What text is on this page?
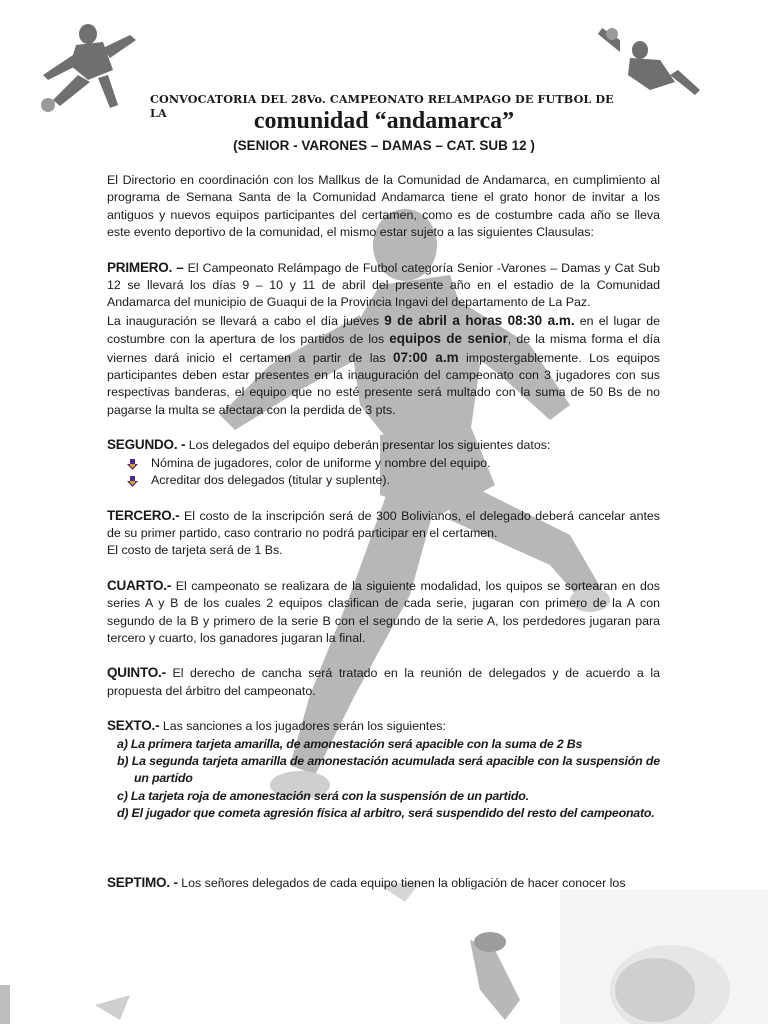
CONVOCATORIA DEL 28Vo. CAMPEONATO RELAMPAGO DE FUTBOL DE LA	comunidad “andamarca”
(SENIOR - VARONES – DAMAS – CAT. SUB 12 )

El Directorio en coordinación con los Mallkus de la Comunidad de Andamarca, en cumplimiento al programa de Semana Santa de la Comunidad Andamarca tiene el grato honor de invitar a los antiguos y nuevos equipos participantes del certamen, como es de costumbre cada año se lleva este evento deportivo de la comunidad, el mismo estar sujeto a las siguientes Clausulas:

PRIMERO. – El Campeonato Relámpago de Futbol categoría Senior -Varones – Damas y Cat Sub 12 se llevará los días 9 – 10 y 11 de abril del presente año en el estadio de la Comunidad Andamarca del municipio de Guaqui de la Provincia Ingavi del departamento de La Paz.

La inauguración se llevará a cabo el día jueves 9 de abril a horas 08:30 a.m. en el lugar de costumbre con la apertura de los partidos de los equipos de senior, de la misma forma el día viernes dará inicio el certamen a partir de las 07:00 a.m impostergablemente. Los equipos participantes deben estar presentes en la inauguración del campeonato con 3 jugadores con sus respectivas banderas, el equipo que no esté presente será multado con la suma de 50 Bs de no pagarse la multa se afectara con la perdida de 3 pts.

SEGUNDO. - Los delegados del equipo deberán presentar los siguientes datos:

Nómina de jugadores, color de uniforme y nombre del equipo.
Acreditar dos delegados (titular y suplente).

TERCERO.- El costo de la inscripción será de 300 Bolivianos, el delegado deberá cancelar antes de su primer partido, caso contrario no podrá participar en el certamen.

El costo de tarjeta será de 1 Bs.

CUARTO.- El campeonato se realizara de la siguiente modalidad, los quipos se sortearan en dos series A y B de los cuales 2 equipos clasifican de cada serie, jugaran con primero de la A con segundo de la B y primero de la serie B con el segundo de la serie A, los perdedores jugaran para tercero y cuarto, los ganadores jugaran la final.

QUINTO.- El derecho de cancha será tratado en la reunión de delegados y de acuerdo a la propuesta del árbitro del campeonato.

SEXTO.- Las sanciones a los jugadores serán los siguientes:

a) La primera tarjeta amarilla, de amonestación será apacible con la suma de 2 Bs
b) La segunda tarjeta amarilla de amonestación acumulada será apacible con la suspensión de un partido
c) La tarjeta roja de amonestación será con la suspensión de un partido.
d) El jugador que cometa agresión física al arbitro, será suspendido del resto del campeonato.

SEPTIMO. - Los señores delegados de cada equipo tienen la obligación de hacer conocer los
